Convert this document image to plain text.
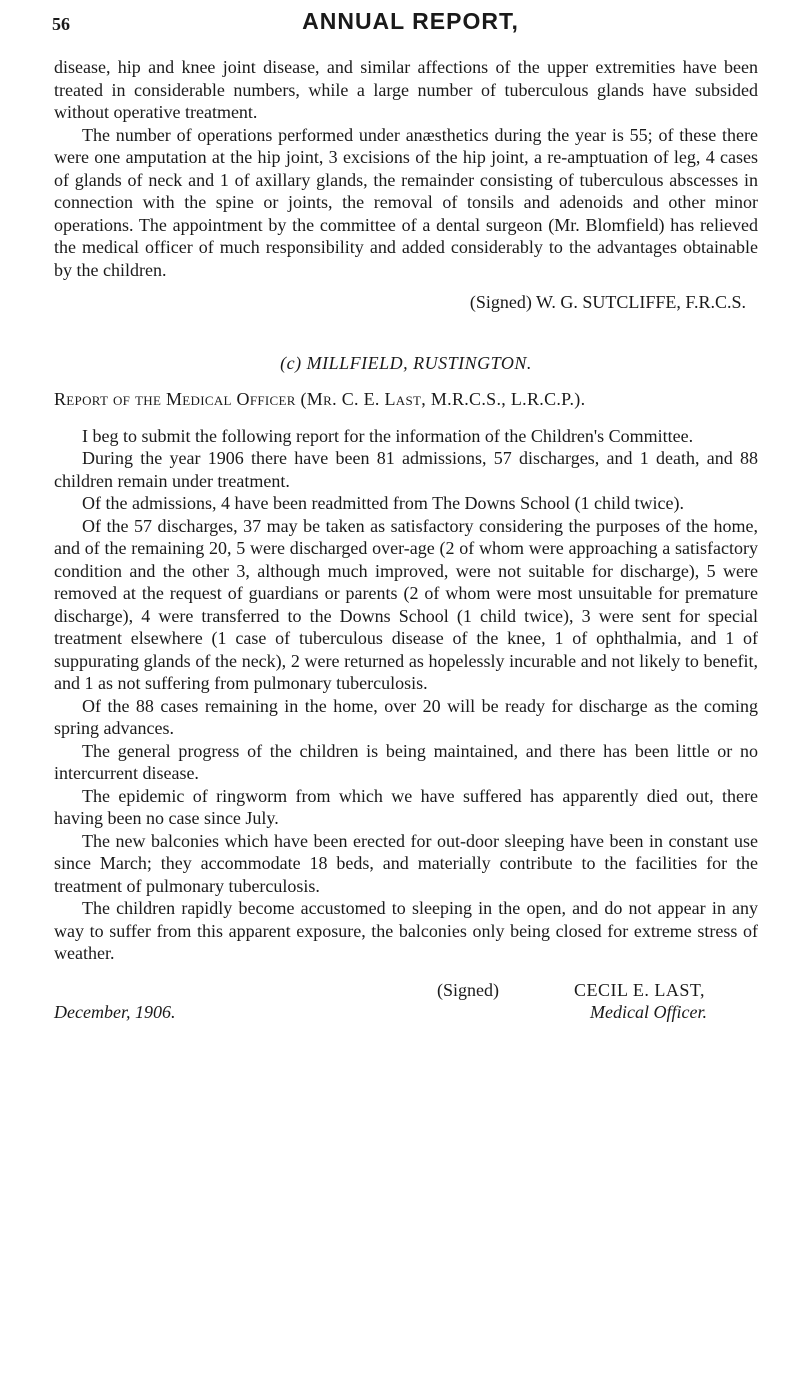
56	ANNUAL REPORT,

disease, hip and knee joint disease, and similar affections of the upper extremities have been treated in considerable numbers, while a large number of tuberculous glands have subsided without operative treatment.

The number of operations performed under anæsthetics during the year is 55; of these there were one amputation at the hip joint, 3 excisions of the hip joint, a re-amptuation of leg, 4 cases of glands of neck and 1 of axillary glands, the remainder consisting of tuberculous abscesses in connection with the spine or joints, the removal of tonsils and adenoids and other minor operations. The appointment by the committee of a dental surgeon (Mr. Blomfield) has relieved the medical officer of much responsibility and added considerably to the advantages obtainable by the children.

(Signed) W. G. SUTCLIFFE, F.R.C.S.

(c) MILLFIELD, RUSTINGTON.

Report of the Medical Officer (Mr. C. E. Last, M.R.C.S., L.R.C.P.).

I beg to submit the following report for the information of the Children's Committee.

During the year 1906 there have been 81 admissions, 57 discharges, and 1 death, and 88 children remain under treatment.

Of the admissions, 4 have been readmitted from The Downs School (1 child twice).

Of the 57 discharges, 37 may be taken as satisfactory considering the purposes of the home, and of the remaining 20, 5 were discharged over-age (2 of whom were approaching a satisfactory condition and the other 3, although much improved, were not suitable for discharge), 5 were removed at the request of guardians or parents (2 of whom were most unsuitable for premature discharge), 4 were transferred to the Downs School (1 child twice), 3 were sent for special treatment elsewhere (1 case of tuberculous disease of the knee, 1 of ophthalmia, and 1 of suppurating glands of the neck), 2 were returned as hopelessly incurable and not likely to benefit, and 1 as not suffering from pulmonary tuberculosis.

Of the 88 cases remaining in the home, over 20 will be ready for discharge as the coming spring advances.

The general progress of the children is being maintained, and there has been little or no intercurrent disease.

The epidemic of ringworm from which we have suffered has apparently died out, there having been no case since July.

The new balconies which have been erected for out-door sleeping have been in constant use since March; they accommodate 18 beds, and materially contribute to the facilities for the treatment of pulmonary tuberculosis.

The children rapidly become accustomed to sleeping in the open, and do not appear in any way to suffer from this apparent exposure, the balconies only being closed for extreme stress of weather.

December, 1906.
(Signed)	CECIL E. LAST,
Medical Officer.
